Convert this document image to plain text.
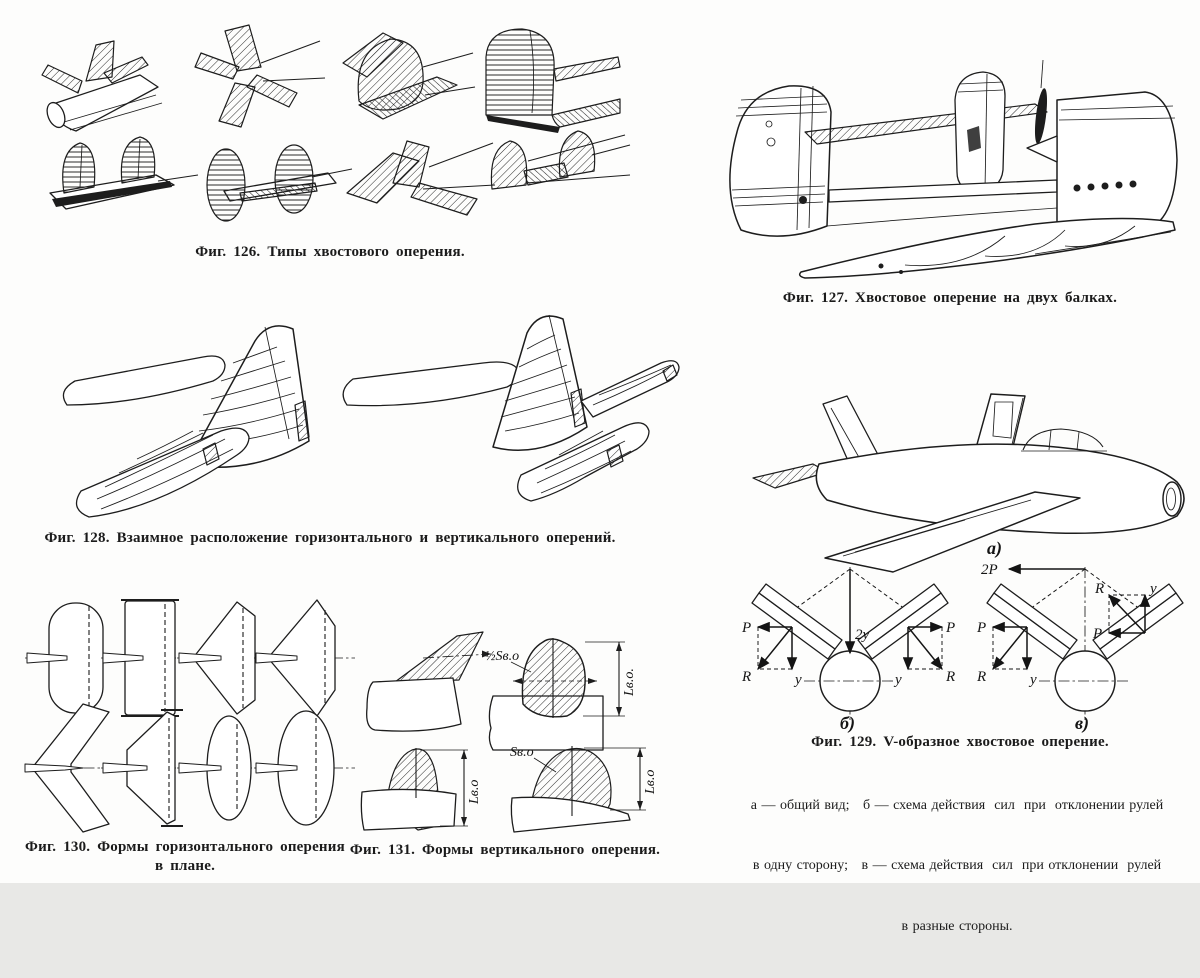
Фиг. 126. Типы хвостового оперения.
Фиг. 127. Хвостовое оперение на двух балках.
Фиг. 128. Взаимное расположение горизонтального и вертикального оперений.	а)
2у
P
R	у
P
R
у
б)
2P
P
R	у
P
R	у
в)
Фиг. 129. V-образное хвостовое оперение.

а — общий вид;   б — схема действия  сил  при  отклонении рулей

в одну сторону;   в — схема действия  сил  при отклонении  рулей

в разные стороны.

Фиг. 130. Формы горизонтального оперения
в плане.
½Sв.о
Lв.о.
Lв.о
Sв.о
Lв.о
Фиг. 131. Формы вертикального оперения.
